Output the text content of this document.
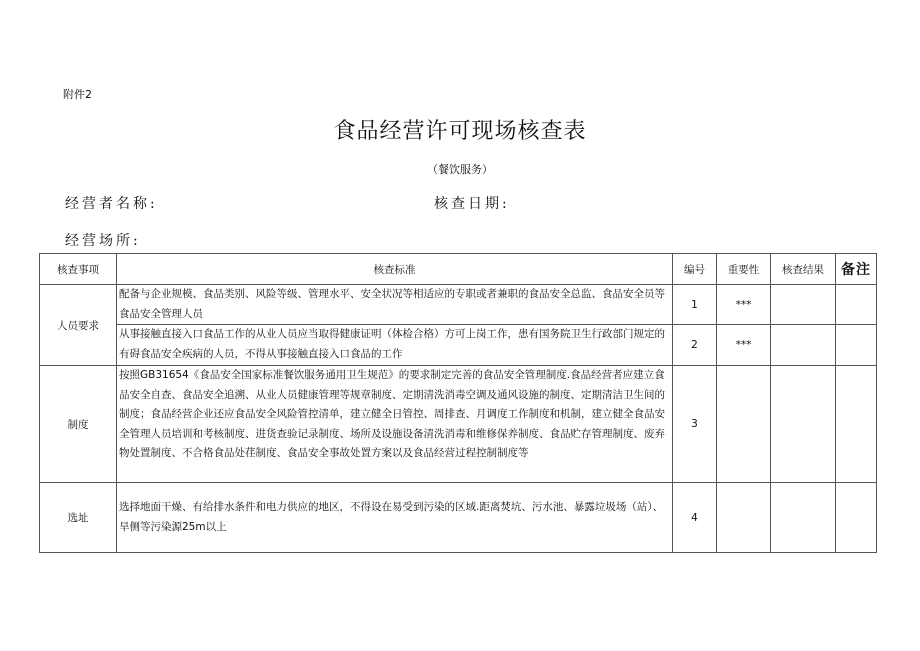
附件2
食品经营许可现场核查表
（餐饮服务）
经营者名称:	核查日期:
经营场所:
核查事项	核查标准	编号	重要性	核查结果	备注
人员要求	配备与企业规模、食品类别、风险等级、管理水平、安全状况等相适应的专职或者兼职的食品安全总监、食品安全员等食品安全管理人员	1	***		
	从事接触直接入口食品工作的从业人员应当取得健康证明（体检合格）方可上岗工作，患有国务院卫生行政部门规定的有碍食品安全疾病的人员，不得从事接触直接入口食品的工作	2	***		
制度	按照GB31654《食品安全国家标准餐饮服务通用卫生规范》的要求制定完善的食品安全管理制度.食品经营者应建立食品安全自查、食品安全追溯、从业人员健康管理等规章制度、定期清洗消毒空调及通风设施的制度、定期清洁卫生间的制度；食品经营企业还应食品安全风险管控清单，建立健全日管控、周排查、月调度工作制度和机制，建立健全食品安全管理人员培训和考核制度、进货查验记录制度、场所及设施设备清洗消毒和维修保养制度、食品贮存管理制度、废弃物处置制度、不合格食品处荏制度、食品安全事故处置方案以及食品经营过程控制制度等	3			
选址	选择地面干燥、有给排水条件和电力供应的地区，不得设在易受到污染的区域.距离焚坑、污水池、暴露垃圾场（站）、旱侧等污染源25m以上	4			
